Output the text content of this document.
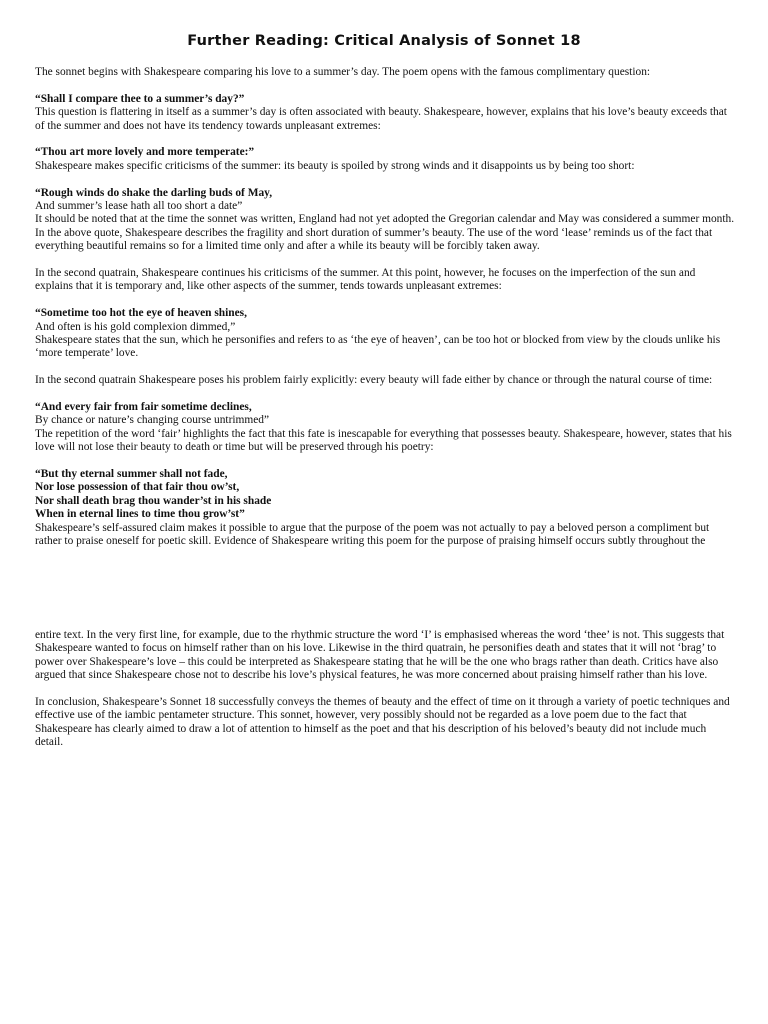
Further Reading: Critical Analysis of Sonnet 18

The sonnet begins with Shakespeare comparing his love to a summer’s day. The poem opens with the famous complimentary question:

“Shall I compare thee to a summer’s day?”

This question is flattering in itself as a summer’s day is often associated with beauty. Shakespeare, however, explains that his love’s beauty exceeds that of the summer and does not have its tendency towards unpleasant extremes:

“Thou art more lovely and more temperate:”

Shakespeare makes specific criticisms of the summer: its beauty is spoiled by strong winds and it disappoints us by being too short:

“Rough winds do shake the darling buds of May,

And summer’s lease hath all too short a date”

It should be noted that at the time the sonnet was written, England had not yet adopted the Gregorian calendar and May was considered a summer month. In the above quote, Shakespeare describes the fragility and short duration of summer’s beauty. The use of the word ‘lease’ reminds us of the fact that everything beautiful remains so for a limited time only and after a while its beauty will be forcibly taken away.

In the second quatrain, Shakespeare continues his criticisms of the summer. At this point, however, he focuses on the imperfection of the sun and explains that it is temporary and, like other aspects of the summer, tends towards unpleasant extremes:

“Sometime too hot the eye of heaven shines,

And often is his gold complexion dimmed,”

Shakespeare states that the sun, which he personifies and refers to as ‘the eye of heaven’, can be too hot or blocked from view by the clouds unlike his ‘more temperate’ love.

In the second quatrain Shakespeare poses his problem fairly explicitly: every beauty will fade either by chance or through the natural course of time:

“And every fair from fair sometime declines,

By chance or nature’s changing course untrimmed”

The repetition of the word ‘fair’ highlights the fact that this fate is inescapable for everything that possesses beauty. Shakespeare, however, states that his love will not lose their beauty to death or time but will be preserved through his poetry:

“But thy eternal summer shall not fade,

Nor lose possession of that fair thou ow’st,

Nor shall death brag thou wander’st in his shade

When in eternal lines to time thou grow’st”

Shakespeare’s self-assured claim makes it possible to argue that the purpose of the poem was not actually to pay a beloved person a compliment but rather to praise oneself for poetic skill. Evidence of Shakespeare writing this poem for the purpose of praising himself occurs subtly throughout the

entire text. In the very first line, for example, due to the rhythmic structure the word ‘I’ is emphasised whereas the word ‘thee’ is not. This suggests that Shakespeare wanted to focus on himself rather than on his love. Likewise in the third quatrain, he personifies death and states that it will not ‘brag’ to power over Shakespeare’s love – this could be interpreted as Shakespeare stating that he will be the one who brags rather than death. Critics have also argued that since Shakespeare chose not to describe his love’s physical features, he was more concerned about praising himself rather than his love.

In conclusion, Shakespeare’s Sonnet 18 successfully conveys the themes of beauty and the effect of time on it through a variety of poetic techniques and effective use of the iambic pentameter structure. This sonnet, however, very possibly should not be regarded as a love poem due to the fact that Shakespeare has clearly aimed to draw a lot of attention to himself as the poet and that his description of his beloved’s beauty did not include much detail.
